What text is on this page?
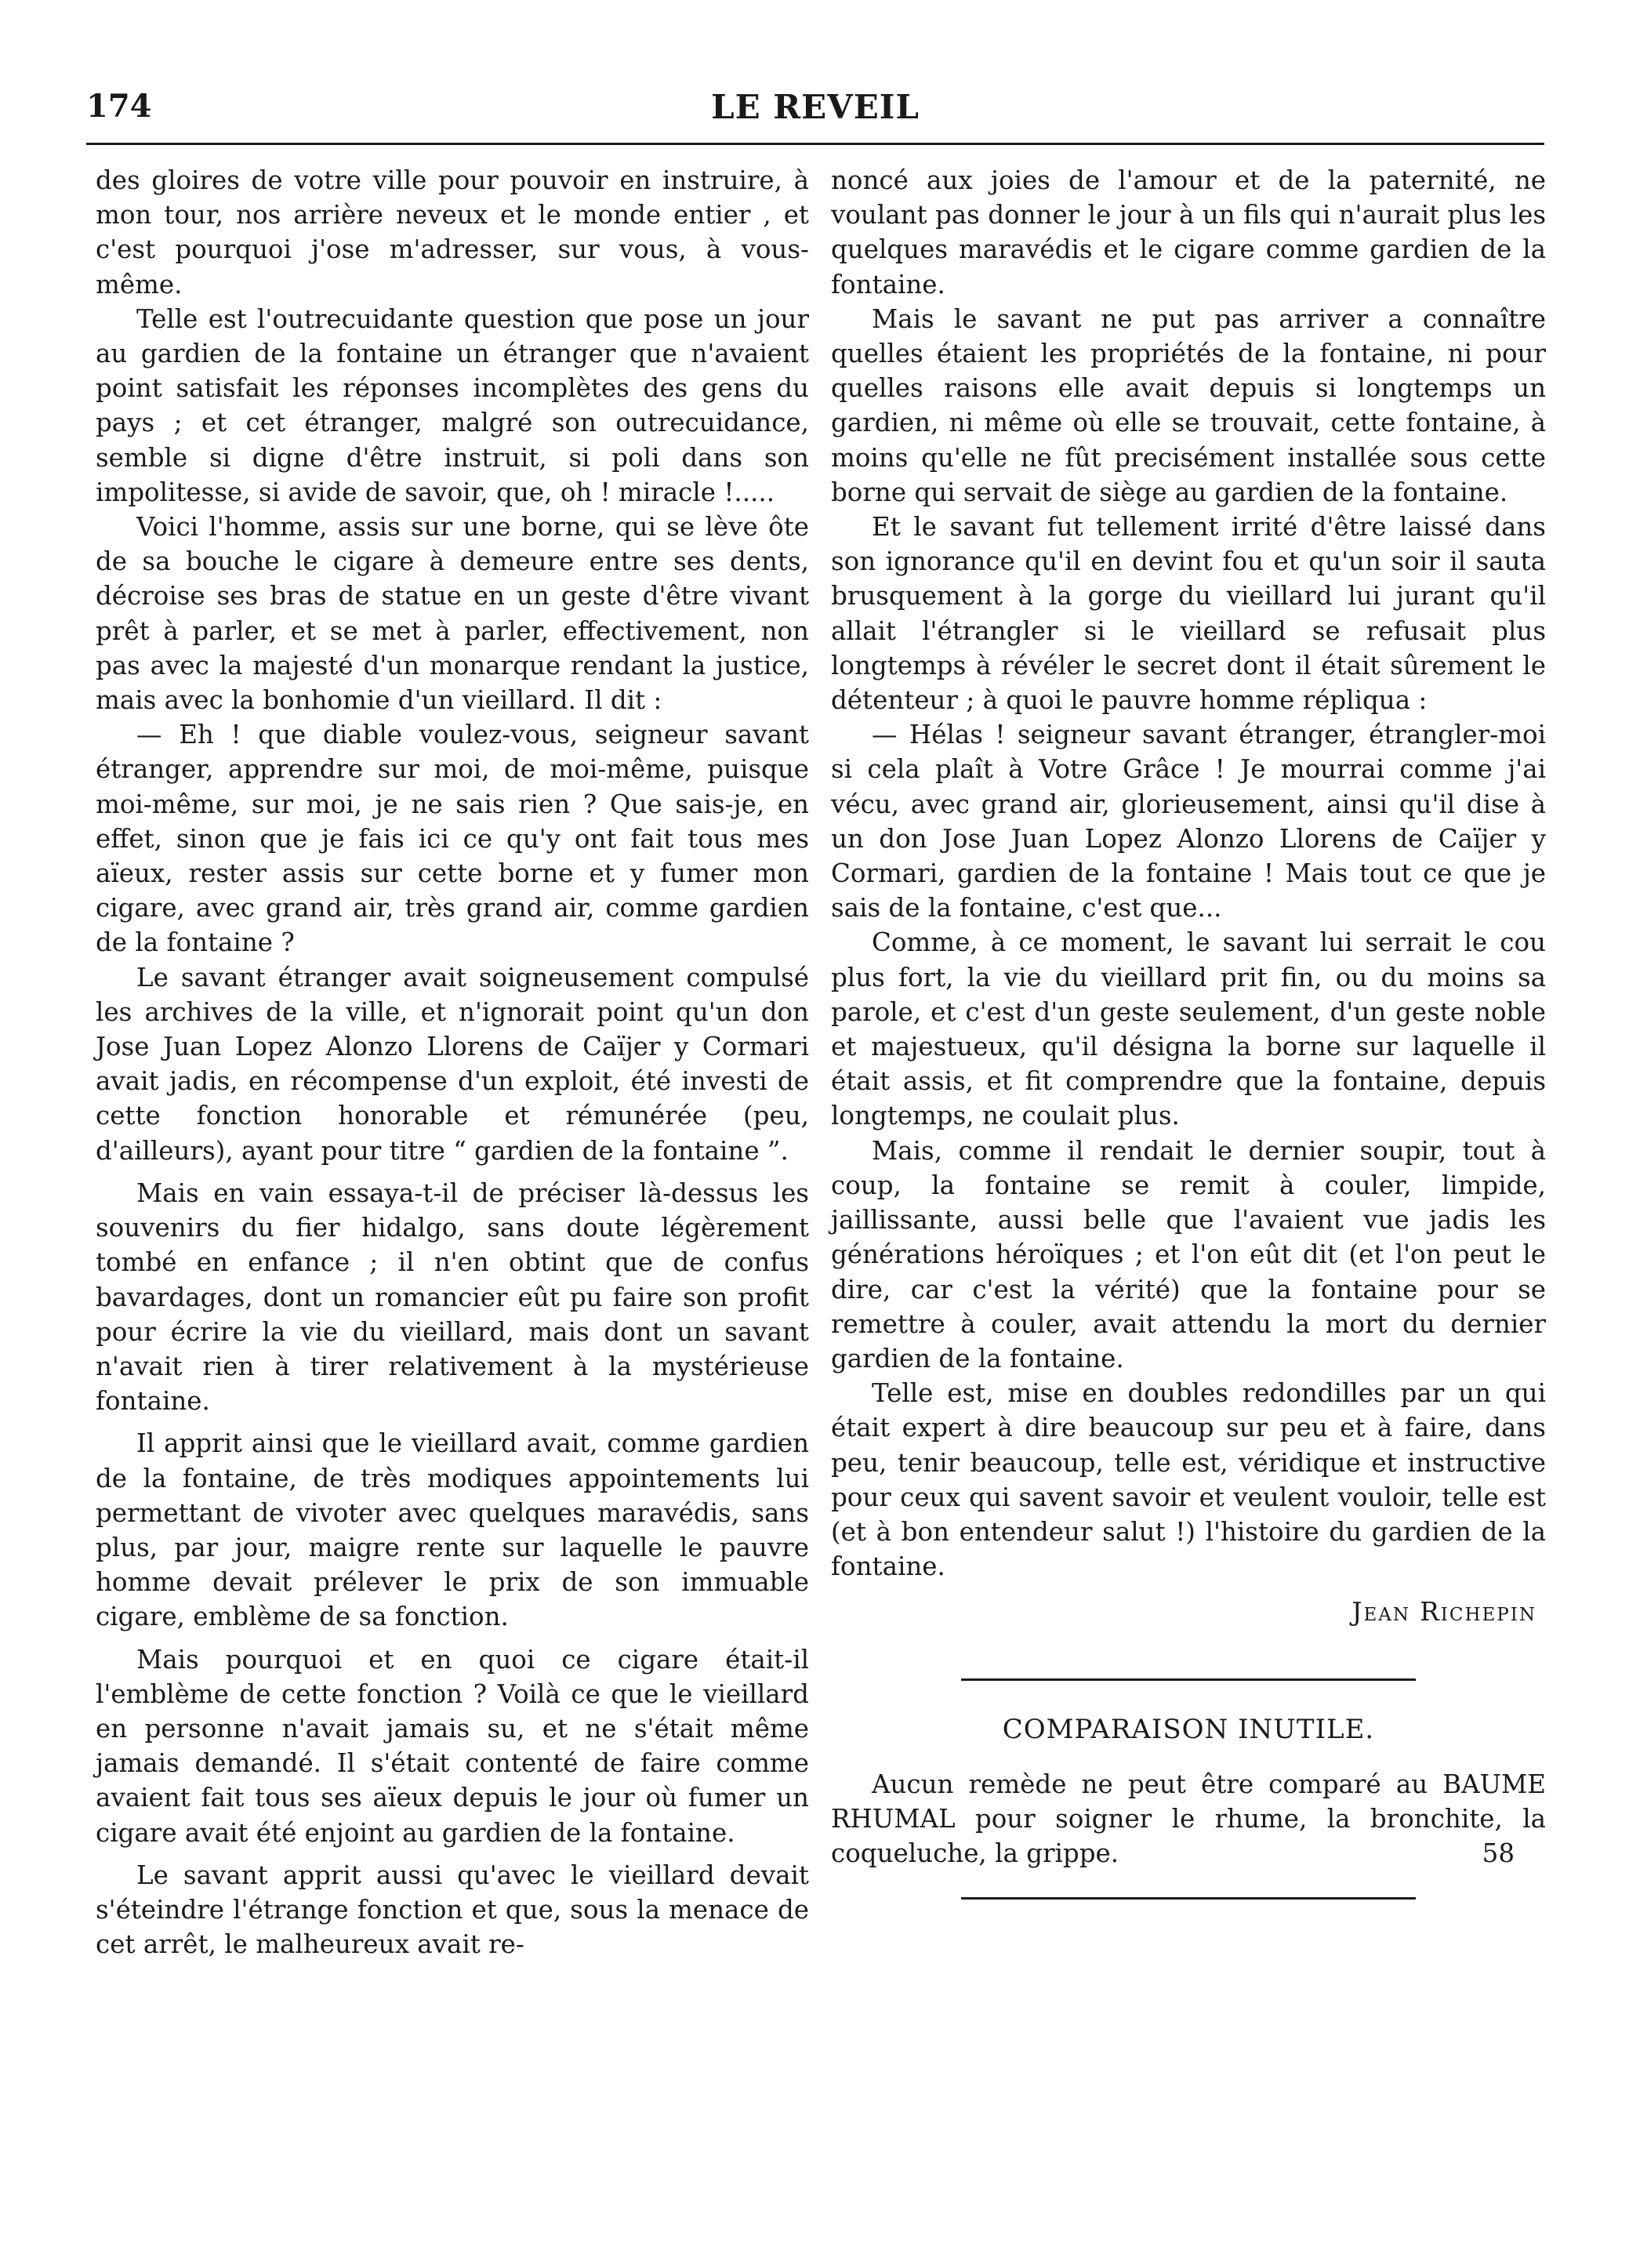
174	LE REVEIL

des gloires de votre ville pour pouvoir en instruire, à mon tour, nos arrière neveux et le monde entier , et c'est pourquoi j'ose m'adresser, sur vous, à vous-même.

Telle est l'outrecuidante question que pose un jour au gardien de la fontaine un étranger que n'avaient point satisfait les réponses incomplètes des gens du pays ; et cet étranger, malgré son outrecuidance, semble si digne d'être instruit, si poli dans son impolitesse, si avide de savoir, que, oh ! miracle !.....

Voici l'homme, assis sur une borne, qui se lève ôte de sa bouche le cigare à demeure entre ses dents, décroise ses bras de statue en un geste d'être vivant prêt à parler, et se met à parler, effectivement, non pas avec la majesté d'un monarque rendant la justice, mais avec la bonhomie d'un vieillard. Il dit :

— Eh ! que diable voulez-vous, seigneur savant étranger, apprendre sur moi, de moi-même, puisque moi-même, sur moi, je ne sais rien ? Que sais-je, en effet, sinon que je fais ici ce qu'y ont fait tous mes aïeux, rester assis sur cette borne et y fumer mon cigare, avec grand air, très grand air, comme gardien de la fontaine ?

Le savant étranger avait soigneusement compulsé les archives de la ville, et n'ignorait point qu'un don Jose Juan Lopez Alonzo Llorens de Caïjer y Cormari avait jadis, en récompense d'un exploit, été investi de cette fonction honorable et rémunérée (peu, d'ailleurs), ayant pour titre “ gardien de la fontaine ”.

Mais en vain essaya-t-il de préciser là-dessus les souvenirs du fier hidalgo, sans doute légèrement tombé en enfance ; il n'en obtint que de confus bavardages, dont un romancier eût pu faire son profit pour écrire la vie du vieillard, mais dont un savant n'avait rien à tirer relativement à la mystérieuse fontaine.

Il apprit ainsi que le vieillard avait, comme gardien de la fontaine, de très modiques appointements lui permettant de vivoter avec quelques maravédis, sans plus, par jour, maigre rente sur laquelle le pauvre homme devait prélever le prix de son immuable cigare, emblème de sa fonction.

Mais pourquoi et en quoi ce cigare était-il l'emblème de cette fonction ? Voilà ce que le vieillard en personne n'avait jamais su, et ne s'était même jamais demandé. Il s'était contenté de faire comme avaient fait tous ses aïeux depuis le jour où fumer un cigare avait été enjoint au gardien de la fontaine.

Le savant apprit aussi qu'avec le vieillard devait s'éteindre l'étrange fonction et que, sous la menace de cet arrêt, le malheureux avait re-

noncé aux joies de l'amour et de la paternité, ne voulant pas donner le jour à un fils qui n'aurait plus les quelques maravédis et le cigare comme gardien de la fontaine.

Mais le savant ne put pas arriver a connaître quelles étaient les propriétés de la fontaine, ni pour quelles raisons elle avait depuis si longtemps un gardien, ni même où elle se trouvait, cette fontaine, à moins qu'elle ne fût precisément installée sous cette borne qui servait de siège au gardien de la fontaine.

Et le savant fut tellement irrité d'être laissé dans son ignorance qu'il en devint fou et qu'un soir il sauta brusquement à la gorge du vieillard lui jurant qu'il allait l'étrangler si le vieillard se refusait plus longtemps à révéler le secret dont il était sûrement le détenteur ; à quoi le pauvre homme répliqua :

— Hélas ! seigneur savant étranger, étrangler-moi si cela plaît à Votre Grâce ! Je mourrai comme j'ai vécu, avec grand air, glorieusement, ainsi qu'il dise à un don Jose Juan Lopez Alonzo Llorens de Caïjer y Cormari, gardien de la fontaine ! Mais tout ce que je sais de la fontaine, c'est que...

Comme, à ce moment, le savant lui serrait le cou plus fort, la vie du vieillard prit fin, ou du moins sa parole, et c'est d'un geste seulement, d'un geste noble et majestueux, qu'il désigna la borne sur laquelle il était assis, et fit comprendre que la fontaine, depuis longtemps, ne coulait plus.

Mais, comme il rendait le dernier soupir, tout à coup, la fontaine se remit à couler, limpide, jaillissante, aussi belle que l'avaient vue jadis les générations héroïques ; et l'on eût dit (et l'on peut le dire, car c'est la vérité) que la fontaine pour se remettre à couler, avait attendu la mort du dernier gardien de la fontaine.

Telle est, mise en doubles redondilles par un qui était expert à dire beaucoup sur peu et à faire, dans peu, tenir beaucoup, telle est, véridique et instructive pour ceux qui savent savoir et veulent vouloir, telle est (et à bon entendeur salut !) l'histoire du gardien de la fontaine.

Jean Richepin

COMPARAISON INUTILE.

Aucun remède ne peut être comparé au BAUME RHUMAL pour soigner le rhume, la bronchite, la coqueluche, la grippe.	58
